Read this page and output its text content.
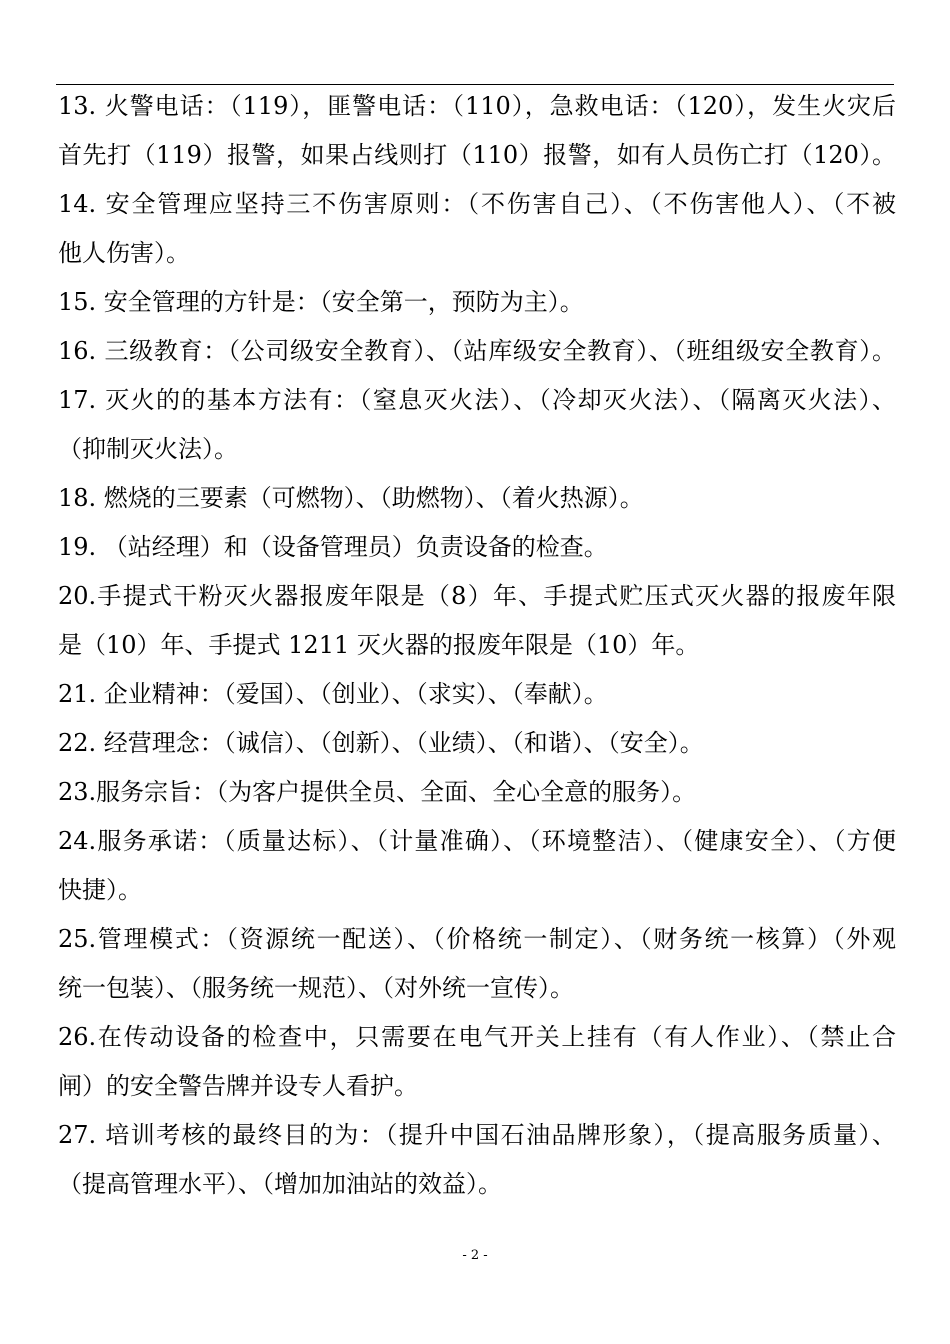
13. 火警电话：（119），匪警电话：（110），急救电话：（120），发生火灾后
首先打（119）报警，如果占线则打（110）报警，如有人员伤亡打（120）。
14. 安全管理应坚持三不伤害原则：（不伤害自己）、（不伤害他人）、（不被
他人伤害）。
15. 安全管理的方针是：（安全第一，预防为主）。
16. 三级教育：（公司级安全教育）、（站库级安全教育）、（班组级安全教育）。
17. 灭火的的基本方法有：（窒息灭火法）、（冷却灭火法）、（隔离灭火法）、
（抑制灭火法）。
18. 燃烧的三要素（可燃物）、（助燃物）、（着火热源）。
19. （站经理）和（设备管理员）负责设备的检查。
20.手提式干粉灭火器报废年限是（8）年、手提式贮压式灭火器的报废年限
是（10）年、手提式 1211 灭火器的报废年限是（10）年。
21. 企业精神：（爱国）、（创业）、（求实）、（奉献）。
22. 经营理念：（诚信）、（创新）、（业绩）、（和谐）、（安全）。
23.服务宗旨：（为客户提供全员、全面、全心全意的服务）。
24.服务承诺：（质量达标）、（计量准确）、（环境整洁）、（健康安全）、（方便
快捷）。
25.管理模式：（资源统一配送）、（价格统一制定）、（财务统一核算）（外观
统一包装）、（服务统一规范）、（对外统一宣传）。
26.在传动设备的检查中，只需要在电气开关上挂有（有人作业）、（禁止合
闸）的安全警告牌并设专人看护。
27. 培训考核的最终目的为：（提升中国石油品牌形象），（提高服务质量）、
（提高管理水平）、（增加加油站的效益）。
- 2 -
